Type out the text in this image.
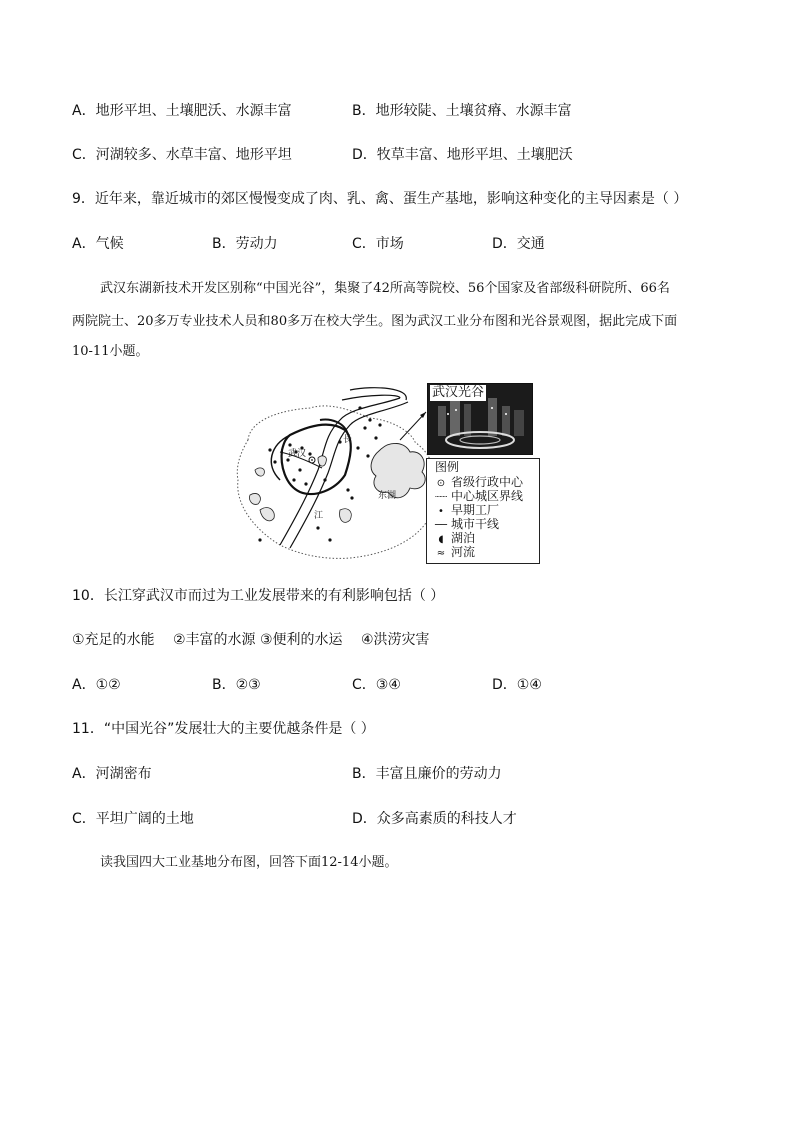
A．地形平坦、土壤肥沃、水源丰富	B．地形较陡、土壤贫瘠、水源丰富
C．河湖较多、水草丰富、地形平坦	D．牧草丰富、地形平坦、土壤肥沃
9．近年来，靠近城市的郊区慢慢变成了肉、乳、禽、蛋生产基地，影响这种变化的主导因素是（ ）
A．气候	B．劳动力	C．市场	D．交通
武汉东湖新技术开发区别称“中国光谷”，集聚了42所高等院校、56个国家及省部级科研院所、66名
两院院士、20多万专业技术人员和80多万在校大学生。图为武汉工业分布图和光谷景观图，据此完成下面
10-11小题。
武汉
长
江
东湖
武汉光谷
图例
⊙ 省级行政中心
┈┈ 中心城区界线
• 早期工厂
── 城市干线
◖ 湖泊
≈ 河流
10．长江穿武汉市而过为工业发展带来的有利影响包括（ ）
①充足的水能　 ②丰富的水源 ③便利的水运　 ④洪涝灾害
A．①②	B．②③	C．③④	D．①④
11．“中国光谷”发展壮大的主要优越条件是（ ）
A．河湖密布	B．丰富且廉价的劳动力
C．平坦广阔的土地	D．众多高素质的科技人才
读我国四大工业基地分布图，回答下面12-14小题。
